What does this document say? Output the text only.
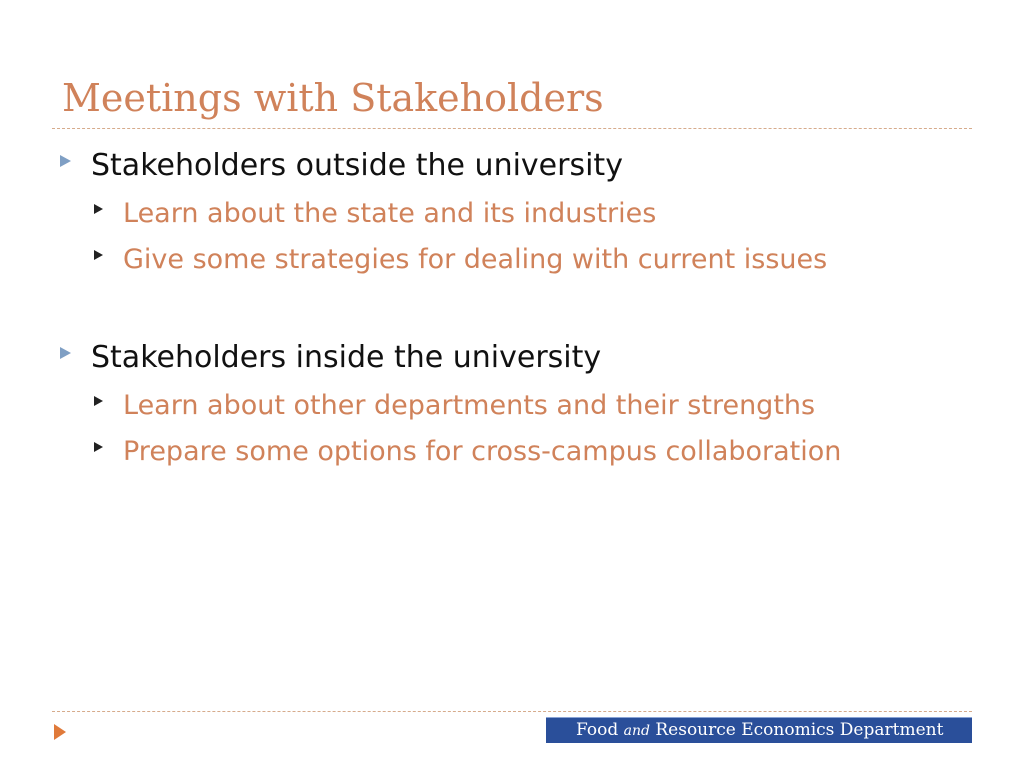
Meetings with Stakeholders
Stakeholders outside the university
Learn about the state and its industries
Give some strategies for dealing with current issues
Stakeholders inside the university
Learn about other departments and their strengths
Prepare some options for cross-campus collaboration
Food and Resource Economics Department
